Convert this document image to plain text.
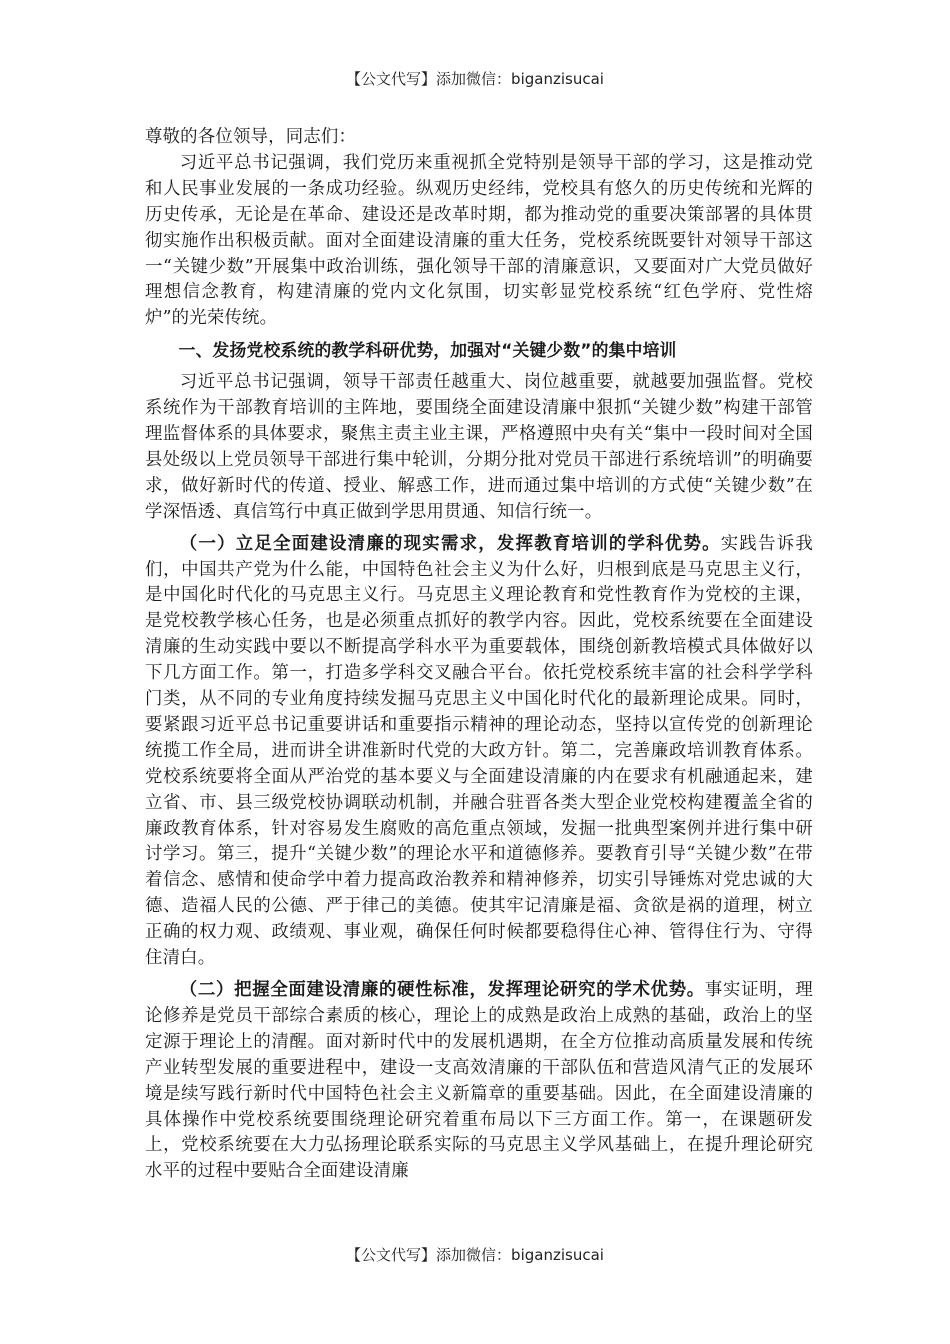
【公文代写】添加微信：biganzisucai

尊敬的各位领导，同志们：

习近平总书记强调，我们党历来重视抓全党特别是领导干部的学习，这是推动党和人民事业发展的一条成功经验。纵观历史经纬，党校具有悠久的历史传统和光辉的历史传承，无论是在革命、建设还是改革时期，都为推动党的重要决策部署的具体贯彻实施作出积极贡献。面对全面建设清廉的重大任务，党校系统既要针对领导干部这一“关键少数”开展集中政治训练，强化领导干部的清廉意识，又要面对广大党员做好理想信念教育，构建清廉的党内文化氛围，切实彰显党校系统“红色学府、党性熔炉”的光荣传统。

一、发扬党校系统的教学科研优势，加强对“关键少数”的集中培训

习近平总书记强调，领导干部责任越重大、岗位越重要，就越要加强监督。党校系统作为干部教育培训的主阵地，要围绕全面建设清廉中狠抓“关键少数”构建干部管理监督体系的具体要求，聚焦主责主业主课，严格遵照中央有关“集中一段时间对全国县处级以上党员领导干部进行集中轮训，分期分批对党员干部进行系统培训”的明确要求，做好新时代的传道、授业、解惑工作，进而通过集中培训的方式使“关键少数”在学深悟透、真信笃行中真正做到学思用贯通、知信行统一。

（一）立足全面建设清廉的现实需求，发挥教育培训的学科优势。实践告诉我们，中国共产党为什么能，中国特色社会主义为什么好，归根到底是马克思主义行，是中国化时代化的马克思主义行。马克思主义理论教育和党性教育作为党校的主课，是党校教学核心任务，也是必须重点抓好的教学内容。因此，党校系统要在全面建设清廉的生动实践中要以不断提高学科水平为重要载体，围绕创新教培模式具体做好以下几方面工作。第一，打造多学科交叉融合平台。依托党校系统丰富的社会科学学科门类，从不同的专业角度持续发掘马克思主义中国化时代化的最新理论成果。同时，要紧跟习近平总书记重要讲话和重要指示精神的理论动态，坚持以宣传党的创新理论统揽工作全局，进而讲全讲准新时代党的大政方针。第二，完善廉政培训教育体系。党校系统要将全面从严治党的基本要义与全面建设清廉的内在要求有机融通起来，建立省、市、县三级党校协调联动机制，并融合驻晋各类大型企业党校构建覆盖全省的廉政教育体系，针对容易发生腐败的高危重点领域，发掘一批典型案例并进行集中研讨学习。第三，提升“关键少数”的理论水平和道德修养。要教育引导“关键少数”在带着信念、感情和使命学中着力提高政治教养和精神修养，切实引导锤炼对党忠诚的大德、造福人民的公德、严于律己的美德。使其牢记清廉是福、贪欲是祸的道理，树立正确的权力观、政绩观、事业观，确保任何时候都要稳得住心神、管得住行为、守得住清白。

（二）把握全面建设清廉的硬性标准，发挥理论研究的学术优势。事实证明，理论修养是党员干部综合素质的核心，理论上的成熟是政治上成熟的基础，政治上的坚定源于理论上的清醒。面对新时代中的发展机遇期，在全方位推动高质量发展和传统产业转型发展的重要进程中，建设一支高效清廉的干部队伍和营造风清气正的发展环境是续写践行新时代中国特色社会主义新篇章的重要基础。因此，在全面建设清廉的具体操作中党校系统要围绕理论研究着重布局以下三方面工作。第一，在课题研发上，党校系统要在大力弘扬理论联系实际的马克思主义学风基础上，在提升理论研究水平的过程中要贴合全面建设清廉

【公文代写】添加微信：biganzisucai
